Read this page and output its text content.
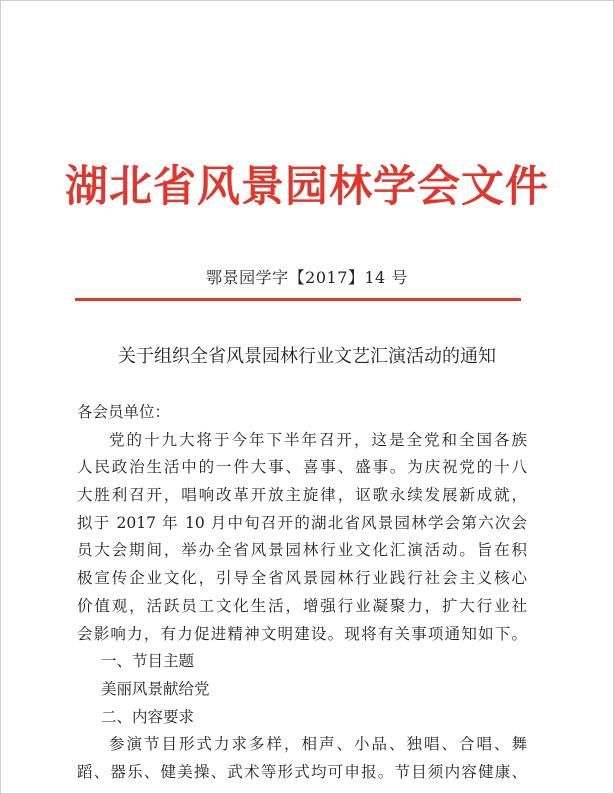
湖北省风景园林学会文件
鄂景园学字【2017】14 号
关于组织全省风景园林行业文艺汇演活动的通知
各会员单位：
党的十九大将于今年下半年召开，这是全党和全国各族
人民政治生活中的一件大事、喜事、盛事。为庆祝党的十八
大胜利召开，唱响改革开放主旋律，讴歌永续发展新成就，
拟于 2017 年 10 月中旬召开的湖北省风景园林学会第六次会
员大会期间，举办全省风景园林行业文化汇演活动。旨在积
极宣传企业文化，引导全省风景园林行业践行社会主义核心
价值观，活跃员工文化生活，增强行业凝聚力，扩大行业社
会影响力，有力促进精神文明建设。现将有关事项通知如下。
一、节目主题
美丽风景献给党
二、内容要求
参演节目形式力求多样，相声、小品、独唱、合唱、舞
蹈、器乐、健美操、武术等形式均可申报。节目须内容健康、
